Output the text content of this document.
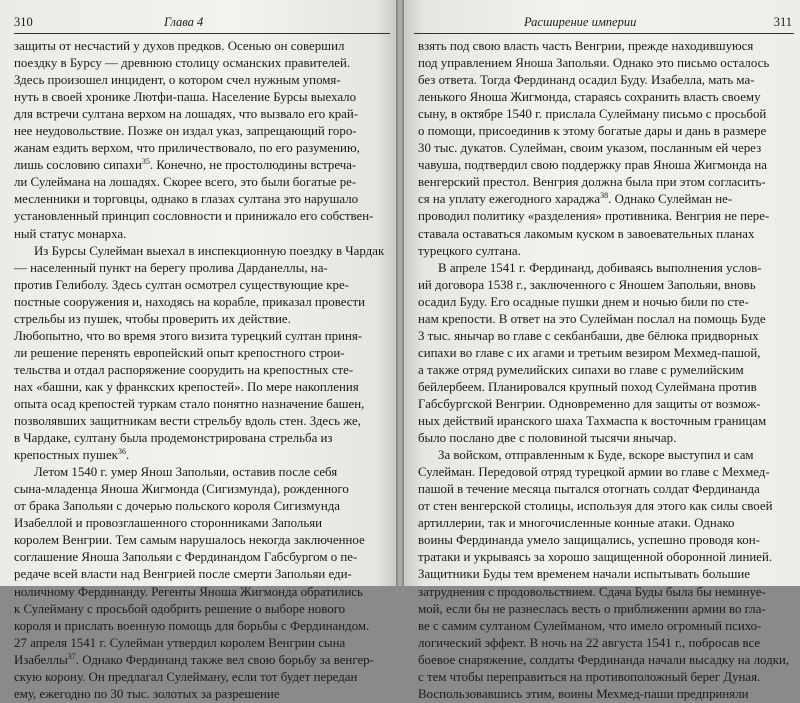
310	Глава 4
защиты от несчастий у духов предков. Осенью он совершил
поездку в Бурсу — древнюю столицу османских правителей.
Здесь произошел инцидент, о котором счел нужным упомя-
нуть в своей хронике Лютфи-паша. Население Бурсы выехало
для встречи султана верхом на лошадях, что вызвало его край-
нее неудовольствие. Позже он издал указ, запрещающий горо-
жанам ездить верхом, что приличествовало, по его разумению,
лишь сословию сипахи$^{35}$. Конечно, не простолюдины встреча-
ли Сулеймана на лошадях. Скорее всего, это были богатые ре-
месленники и торговцы, однако в глазах султана это нарушало
установленный принцип сословности и принижало его собствен-
ный статус монарха.
Из Бурсы Сулейман выехал в инспекционную поездку в Чардак
— населенный пункт на берегу пролива Дарданеллы, на-
против Гелиболу. Здесь султан осмотрел существующие кре-
постные сооружения и, находясь на корабле, приказал провести
стрельбы из пушек, чтобы проверить их действие.
Любопытно, что во время этого визита турецкий султан приня-
ли решение перенять европейский опыт крепостного строи-
тельства и отдал распоряжение соорудить на крепостных сте-
нах «башни, как у франкских крепостей». По мере накопления
опыта осад крепостей туркам стало понятно назначение башен,
позволявших защитникам вести стрельбу вдоль стен. Здесь же,
в Чардаке, султану была продемонстрирована стрельба из
крепостных пушек$^{36}$.
Летом 1540 г. умер Янош Запольяи, оставив после себя
сына-младенца Яноша Жигмонда (Сигизмунда), рожденного
от брака Запольяи с дочерью польского короля Сигизмунда
Изабеллой и провозглашенного сторонниками Запольяи
королем Венгрии. Тем самым нарушалось некогда заключенное
соглашение Яноша Запольяи с Фердинандом Габсбургом о пе-
редаче всей власти над Венгрией после смерти Запольяи еди-
ноличному Фердинанду. Регенты Яноша Жигмонда обратились
к Сулейману с просьбой одобрить решение о выборе нового
короля и прислать военную помощь для борьбы с Фердинандом.
27 апреля 1541 г. Сулейман утвердил королем Венгрии сына
Изабеллы$^{37}$. Однако Фердинанд также вел свою борьбу за венгер-
скую корону. Он предлагал Сулейману, если тот будет передан
ему, ежегодно по 30 тыс. золотых за разрешение
Расширение империи	311
взять под свою власть часть Венгрии, прежде находившуюся
под управлением Яноша Запольяи. Однако это письмо осталось
без ответа. Тогда Фердинанд осадил Буду. Изабелла, мать ма-
ленького Яноша Жигмонда, стараясь сохранить власть своему
сыну, в октябре 1540 г. прислала Сулейману письмо с просьбой
о помощи, присоединив к этому богатые дары и дань в размере
30 тыс. дукатов. Сулейман, своим указом, посланным ей через
чавуша, подтвердил свою поддержку прав Яноша Жигмонда на
венгерский престол. Венгрия должна была при этом согласить-
ся на уплату ежегодного хараджа$^{38}$. Однако Сулейман не-
проводил политику «разделения» противника. Венгрия не пере-
ставала оставаться лакомым куском в завоевательных планах
турецкого султана.
В апреле 1541 г. Фердинанд, добиваясь выполнения услов-
ий договора 1538 г., заключенного с Яношем Запольяи, вновь
осадил Буду. Его осадные пушки днем и ночью били по сте-
нам крепости. В ответ на это Сулейман послал на помощь Буде
3 тыс. янычар во главе с секбанбаши, две бёлюка придворных
сипахи во главе с их агами и третьим везиром Мехмед-пашой,
а также отряд румелийских сипахи во главе с румелийским
бейлербеем. Планировался крупный поход Сулеймана против
Габсбургской Венгрии. Одновременно для защиты от возмож-
ных действий иранского шаха Тахмаспа к восточным границам
было послано две с половиной тысячи янычар.
За войском, отправленным к Буде, вскоре выступил и сам
Сулейман. Передовой отряд турецкой армии во главе с Мехмед-
пашой в течение месяца пытался отогнать солдат Фердинанда
от стен венгерской столицы, используя для этого как силы своей
артиллерии, так и многочисленные конные атаки. Однако
воины Фердинанда умело защищались, успешно проводя кон-
тратаки и укрываясь за хорошо защищенной оборонной линией.
Защитники Буды тем временем начали испытывать большие
затруднения с продовольствием. Сдача Буды была бы неминуе-
мой, если бы не разнеслась весть о приближении армии во гла-
ве с самим султаном Сулейманом, что имело огромный психо-
логический эффект. В ночь на 22 августа 1541 г., побросав все
боевое снаряжение, солдаты Фердинанда начали высадку на лодки,
с тем чтобы переправиться на противоположный берег Дуная.
Воспользовавшись этим, воины Мехмед-паши предприняли
